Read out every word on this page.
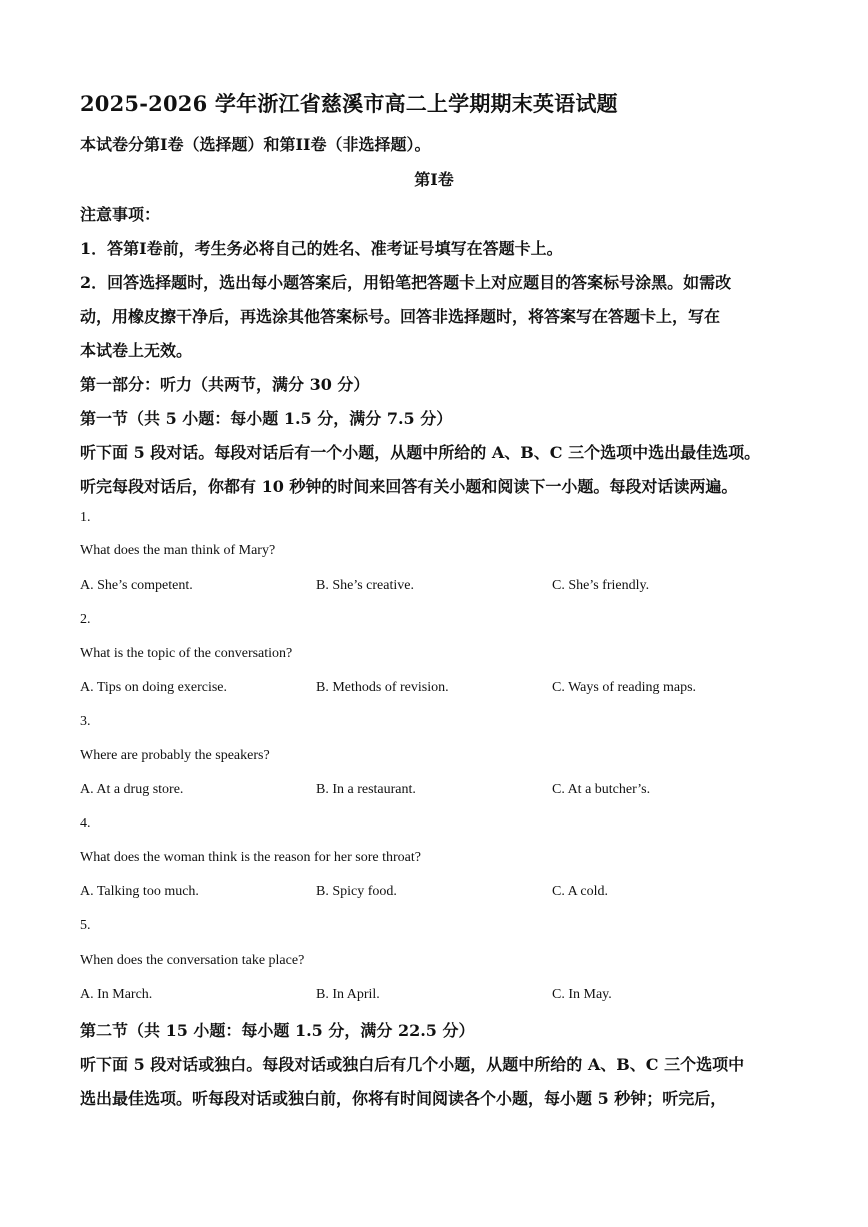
2025-2026 学年浙江省慈溪市高二上学期期末英语试题
本试卷分第I卷（选择题）和第II卷（非选择题）。
第I卷
注意事项：
1．答第I卷前，考生务必将自己的姓名、准考证号填写在答题卡上。
2．回答选择题时，选出每小题答案后，用铅笔把答题卡上对应题目的答案标号涂黑。如需改
动，用橡皮擦干净后，再选涂其他答案标号。回答非选择题时，将答案写在答题卡上，写在
本试卷上无效。
第一部分：听力（共两节，满分 30 分）
第一节（共 5 小题：每小题 1.5 分，满分 7.5 分）
听下面 5 段对话。每段对话后有一个小题，从题中所给的 A、B、C 三个选项中选出最佳选项。
听完每段对话后，你都有 10 秒钟的时间来回答有关小题和阅读下一小题。每段对话读两遍。
1.
What does the man think of Mary?
A. She’s competent.	B. She’s creative.	C. She’s friendly.
2.
What is the topic of the conversation?
A. Tips on doing exercise.	B. Methods of revision.	C. Ways of reading maps.
3.
Where are probably the speakers?
A. At a drug store.	B. In a restaurant.	C. At a butcher’s.
4.
What does the woman think is the reason for her sore throat?
A. Talking too much.	B. Spicy food.	C. A cold.
5.
When does the conversation take place?
A. In March.	B. In April.	C. In May.
第二节（共 15 小题：每小题 1.5 分，满分 22.5 分）
听下面 5 段对话或独白。每段对话或独白后有几个小题，从题中所给的 A、B、C 三个选项中
选出最佳选项。听每段对话或独白前，你将有时间阅读各个小题，每小题 5 秒钟；听完后，
